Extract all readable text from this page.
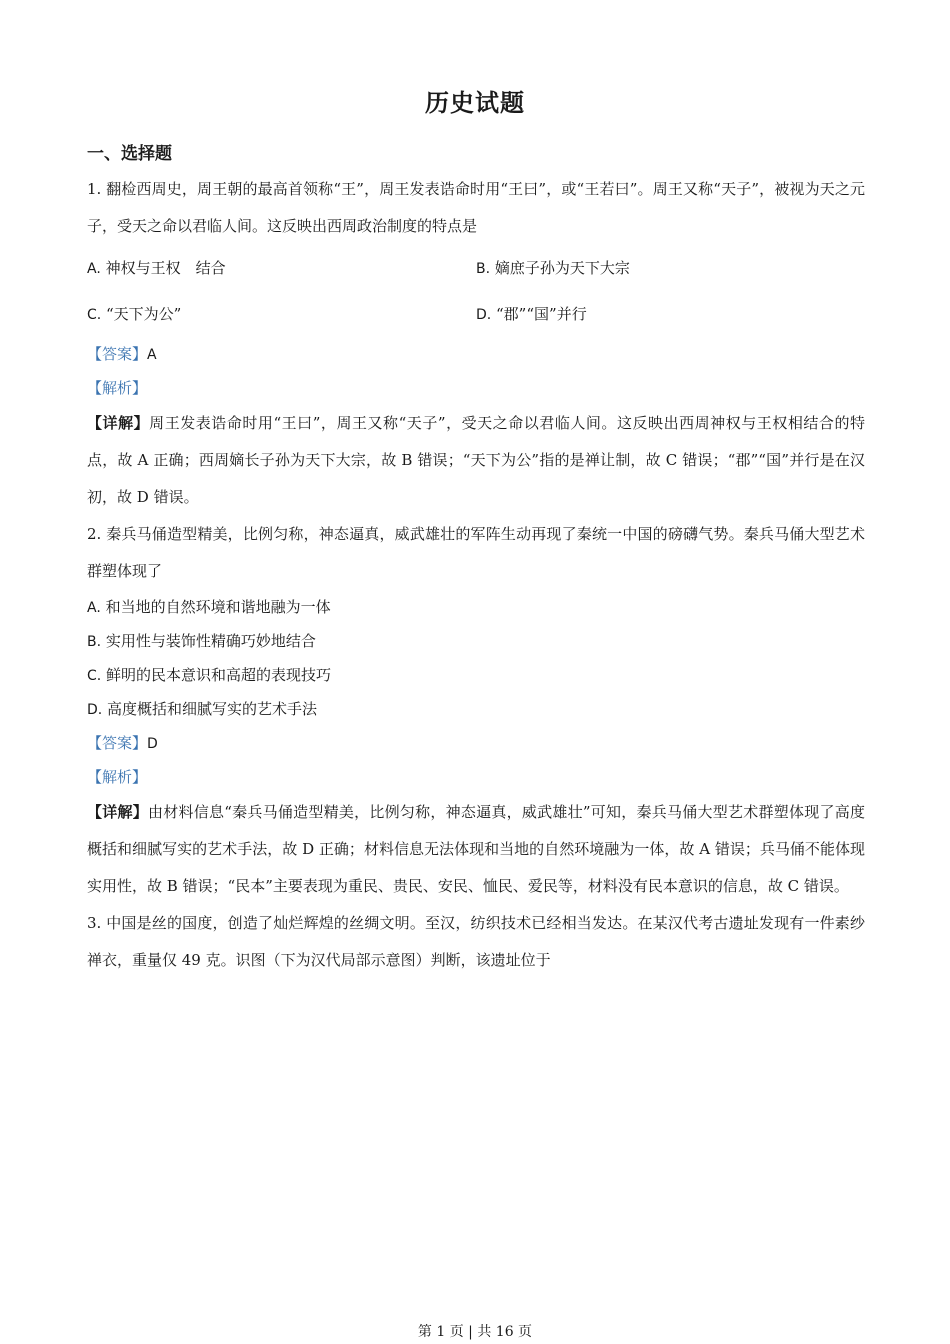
历史试题
一、选择题
1. 翻检西周史，周王朝的最高首领称“王”，周王发表诰命时用“王曰”，或“王若曰”。周王又称“天子”，被视为天之元子，受天之命以君临人间。这反映出西周政治制度的特点是
A. 神权与王权　结合	B. 嫡庶子孙为天下大宗
C. “天下为公”	D. “郡”“国”并行
【答案】A
【解析】
【详解】周王发表诰命时用“王曰”，周王又称“天子”，受天之命以君临人间。这反映出西周神权与王权相结合的特点，故 A 正确；西周嫡长子孙为天下大宗，故 B 错误；“天下为公”指的是禅让制，故 C 错误；“郡”“国”并行是在汉初，故 D 错误。
2. 秦兵马俑造型精美，比例匀称，神态逼真，威武雄壮的军阵生动再现了秦统一中国的磅礴气势。秦兵马俑大型艺术群塑体现了
A. 和当地的自然环境和谐地融为一体
B. 实用性与装饰性精确巧妙地结合
C. 鲜明的民本意识和高超的表现技巧
D. 高度概括和细腻写实的艺术手法
【答案】D
【解析】
【详解】由材料信息“秦兵马俑造型精美，比例匀称，神态逼真，威武雄壮”可知，秦兵马俑大型艺术群塑体现了高度概括和细腻写实的艺术手法，故 D 正确；材料信息无法体现和当地的自然环境融为一体，故 A 错误；兵马俑不能体现实用性，故 B 错误；“民本”主要表现为重民、贵民、安民、恤民、爱民等，材料没有民本意识的信息，故 C 错误。
3. 中国是丝的国度，创造了灿烂辉煌的丝绸文明。至汉，纺织技术已经相当发达。在某汉代考古遗址发现有一件素纱禅衣，重量仅 49 克。识图（下为汉代局部示意图）判断，该遗址位于
第 1 页 | 共 16 页
